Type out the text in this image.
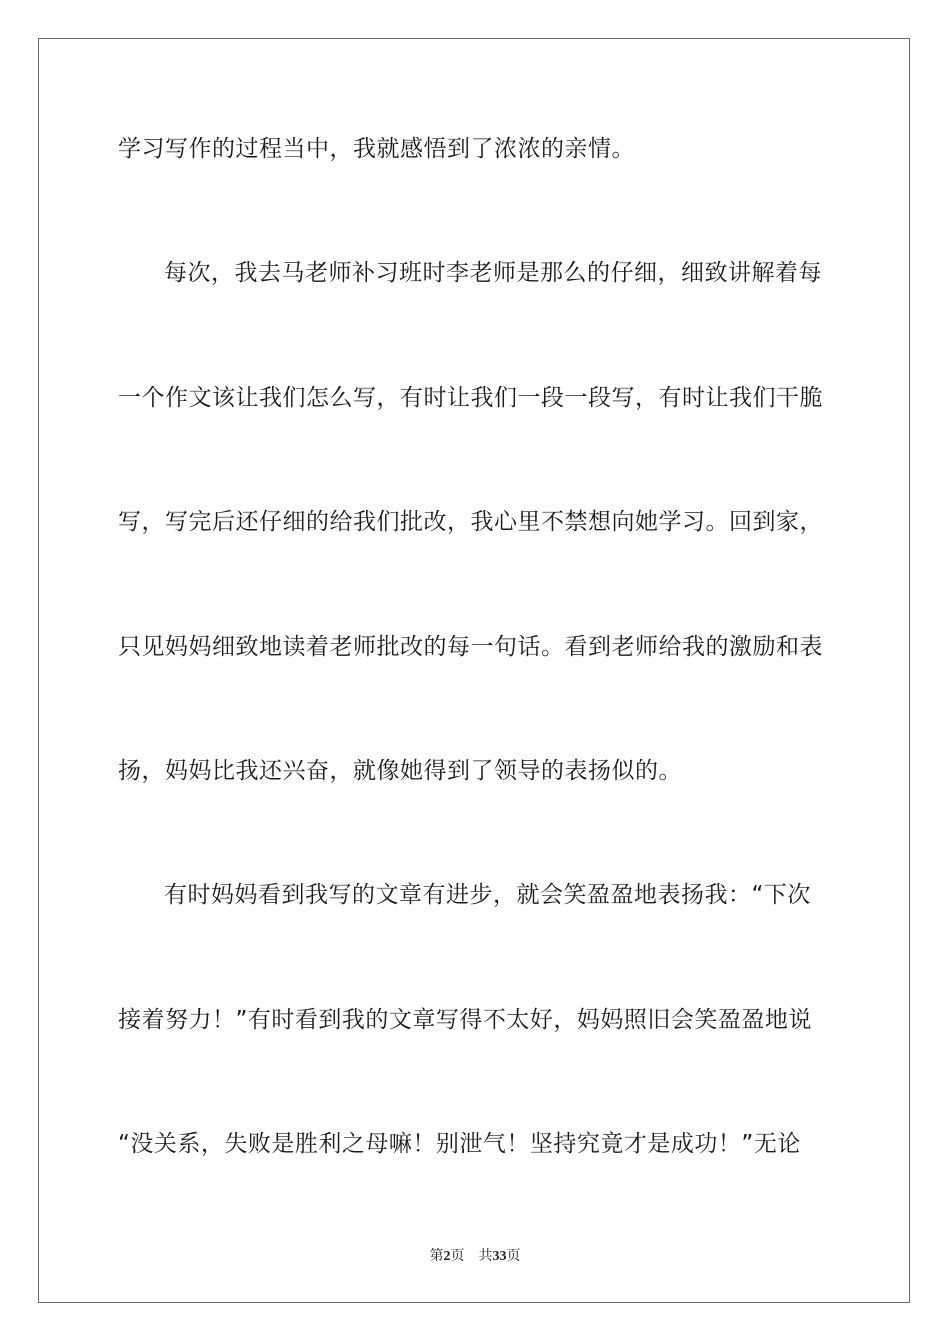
学习写作的过程当中，我就感悟到了浓浓的亲情。
每次，我去马老师补习班时李老师是那么的仔细，细致讲解着每
一个作文该让我们怎么写，有时让我们一段一段写，有时让我们干脆
写，写完后还仔细的给我们批改，我心里不禁想向她学习。回到家，
只见妈妈细致地读着老师批改的每一句话。看到老师给我的激励和表
扬，妈妈比我还兴奋，就像她得到了领导的表扬似的。
有时妈妈看到我写的文章有进步，就会笑盈盈地表扬我：“下次
接着努力！”有时看到我的文章写得不太好，妈妈照旧会笑盈盈地说
“没关系，失败是胜利之母嘛！别泄气！坚持究竟才是成功！”无论
第2页 共33页
